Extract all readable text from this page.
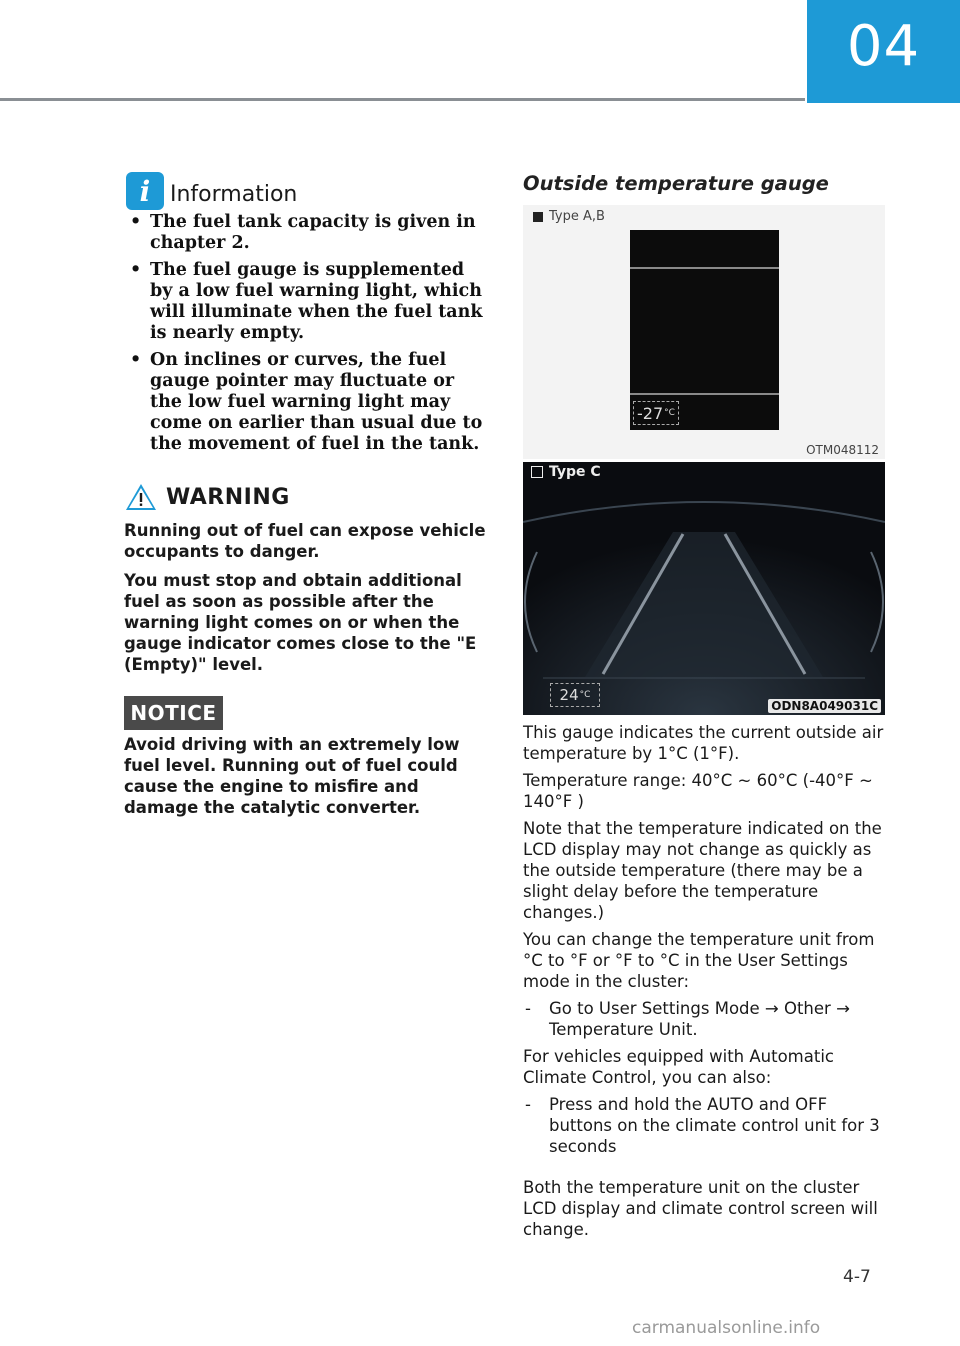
04
i Information
• The fuel tank capacity is given in chapter 2.
• The fuel gauge is supplemented by a low fuel warning light, which will illuminate when the fuel tank is nearly empty.
• On inclines or curves, the fuel gauge pointer may fluctuate or the low fuel warning light may come on earlier than usual due to the movement of fuel in the tank.
WARNING

Running out of fuel can expose vehicle occupants to danger.

You must stop and obtain additional fuel as soon as possible after the warning light comes on or when the gauge indicator comes close to the "E (Empty)" level.

NOTICE
Avoid driving with an extremely low fuel level. Running out of fuel could cause the engine to misfire and damage the catalytic converter.
Outside temperature gauge
Type A,B
-27 °C
OTM048112
Type C
24 °C
ODN8A049031C

This gauge indicates the current outside air temperature by 1°C (1°F).

Temperature range: 40°C ~ 60°C (-40°F ~ 140°F )

Note that the temperature indicated on the LCD display may not change as quickly as the outside temperature (there may be a slight delay before the temperature changes.)

You can change the temperature unit from °C to °F or °F to °C in the User Settings mode in the cluster:

- Go to User Settings Mode → Other → Temperature Unit.

For vehicles equipped with Automatic Climate Control, you can also:

- Press and hold the AUTO and OFF buttons on the climate control unit for 3 seconds

Both the temperature unit on the cluster LCD display and climate control screen will change.

4-7
carmanualsonline.info
